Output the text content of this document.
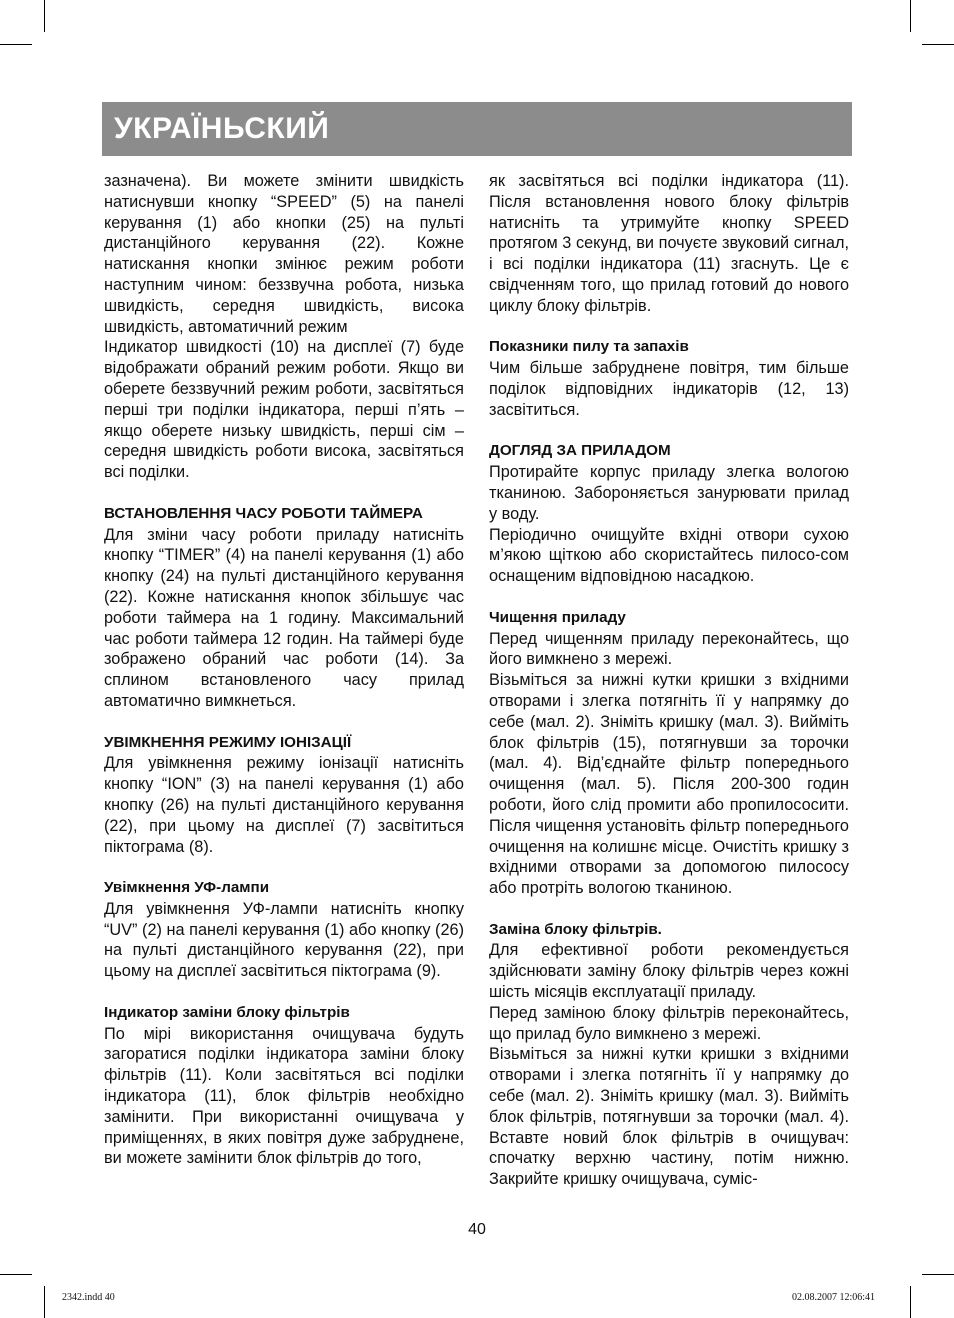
УКРАЇНЬСКИЙ

зазначена). Ви можете змінити швидкість натиснувши кнопку “SPEED” (5) на панелі керування (1) або кнопки (25) на пульті дистанційного керування (22). Кожне натискання кнопки змінює режим роботи наступним чином: беззвучна робота, низька швидкість, середня швидкість, висока швидкість, автоматичний режим

Індикатор швидкості (10) на дисплеї (7) буде відображати обраний режим роботи. Якщо ви оберете беззвучний режим роботи, засвітяться перші три поділки індикатора, перші п’ять – якщо оберете низьку швидкість, перші сім – середня швидкість роботи висока, засвітяться всі поділки.

ВСТАНОВЛЕННЯ ЧАСУ РОБОТИ ТАЙМЕРА

Для зміни часу роботи приладу натисніть кнопку “TIMER” (4) на панелі керування (1) або кнопку (24) на пульті дистанційного керування (22). Кожне натискання кнопок збільшує час роботи таймера на 1 годину. Максимальний час роботи таймера 12 годин. На таймері буде зображено обраний час роботи (14). За сплином встановленого часу прилад автоматично вимкнеться.

УВІМКНЕННЯ РЕЖИМУ ІОНІЗАЦІЇ

Для увімкнення режиму іонізації натисніть кнопку “ION” (3) на панелі керування (1) або кнопку (26) на пульті дистанційного керування (22), при цьому на дисплеї (7) засвітиться піктограма (8).

Увімкнення УФ-лампи

Для увімкнення УФ-лампи натисніть кнопку “UV” (2) на панелі керування (1) або кнопку (26) на пульті дистанційного керування (22), при цьому на дисплеї засвітиться піктограма (9).

Індикатор заміни блоку фільтрів

По мірі використання очищувача будуть загоратися поділки індикатора заміни блоку фільтрів (11). Коли засвітяться всі поділки індикатора (11), блок фільтрів необхідно замінити. При використанні очищувача у приміщеннях, в яких повітря дуже забруднене, ви можете замінити блок фільтрів до того,

як засвітяться всі поділки індикатора (11). Після встановлення нового блоку фільтрів натисніть та утримуйте кнопку SPEED протягом 3 секунд, ви почуєте звуковий сигнал, і всі поділки індикатора (11) згаснуть. Це є свідченням того, що прилад готовий до нового циклу блоку фільтрів.

Показники пилу та запахів

Чим більше забруднене повітря, тим більше поділок відповідних індикаторів (12, 13) засвітиться.

ДОГЛЯД ЗА ПРИЛАДОМ

Протирайте корпус приладу злегка вологою тканиною. Забороняється занурювати прилад у воду.

Періодично очищуйте вхідні отвори сухою м’якою щіткою або скористайтесь пилосо-сом оснащеним відповідною насадкою.

Чищення приладу

Перед чищенням приладу переконайтесь, що його вимкнено з мережі.

Візьміться за нижні кутки кришки з вхідними отворами і злегка потягніть її у напрямку до себе (мал. 2). Зніміть кришку (мал. 3). Вийміть блок фільтрів (15), потягнувши за торочки (мал. 4). Від’єднайте фільтр попереднього очищення (мал. 5). Після 200-300 годин роботи, його слід промити або пропилососити. Після чищення установіть фільтр попереднього очищення на колишнє місце. Очистіть кришку з вхідними отворами за допомогою пилососу або протріть вологою тканиною.

Заміна блоку фільтрів.

Для ефективної роботи рекомендується здійснювати заміну блоку фільтрів через кожні шість місяців експлуатації приладу.

Перед заміною блоку фільтрів переконайтесь, що прилад було вимкнено з мережі.

Візьміться за нижні кутки кришки з вхідними отворами і злегка потягніть її у напрямку до себе (мал. 2). Зніміть кришку (мал. 3). Вийміть блок фільтрів, потягнувши за торочки (мал. 4). Вставте новий блок фільтрів в очищувач: спочатку верхню частину, потім нижню. Закрийте кришку очищувача, суміс-

40
2342.indd 40	02.08.2007 12:06:41
